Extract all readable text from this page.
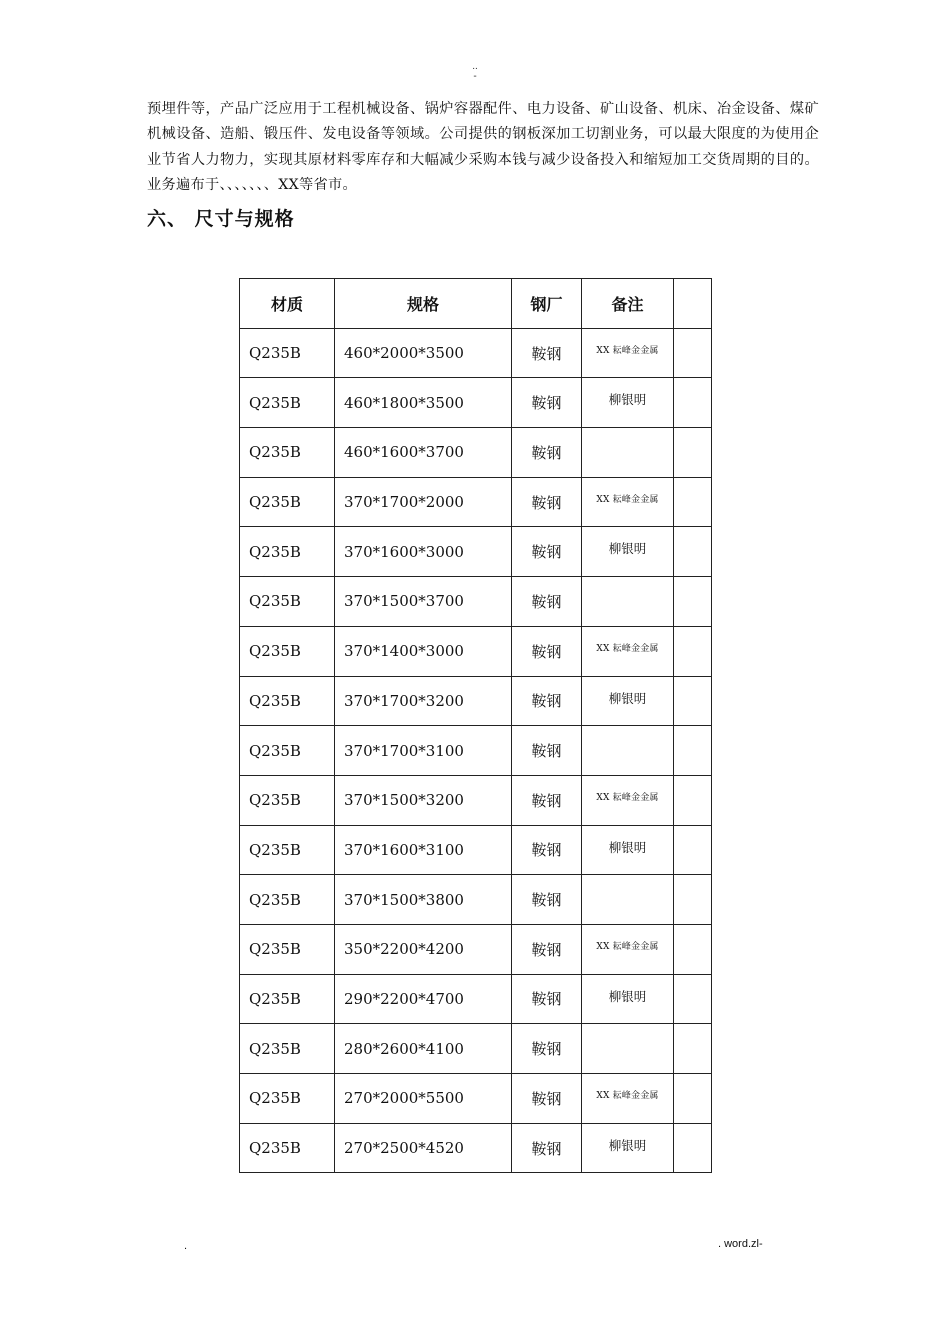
..
-

预埋件等，产品广泛应用于工程机械设备、锅炉容器配件、电力设备、矿山设备、机床、冶金设备、煤矿机械设备、造船、锻压件、发电设备等领域。公司提供的钢板深加工切割业务，可以最大限度的为使用企业节省人力物力，实现其原材料零库存和大幅减少采购本钱与减少设备投入和缩短加工交货周期的目的。业务遍布于、、、、、、、XX等省市。

六、 尺寸与规格
材质	规格	钢厂	备注	
Q235B	460*2000*3500	鞍钢	XX 耘峰金金属	

Q235B	460*1800*3500	鞍钢	柳银明	

Q235B	460*1600*3700	鞍钢	

Q235B	370*1700*2000	鞍钢	XX 耘峰金金属	

Q235B	370*1600*3000	鞍钢	柳银明	

Q235B	370*1500*3700	鞍钢	

Q235B	370*1400*3000	鞍钢	XX 耘峰金金属	

Q235B	370*1700*3200	鞍钢	柳银明	

Q235B	370*1700*3100	鞍钢	

Q235B	370*1500*3200	鞍钢	XX 耘峰金金属	

Q235B	370*1600*3100	鞍钢	柳银明	

Q235B	370*1500*3800	鞍钢	

Q235B	350*2200*4200	鞍钢	XX 耘峰金金属	

Q235B	290*2200*4700	鞍钢	柳银明	

Q235B	280*2600*4100	鞍钢	

Q235B	270*2000*5500	鞍钢	XX 耘峰金金属	

Q235B	270*2500*4520	鞍钢	柳银明	

.	. word.zl-
